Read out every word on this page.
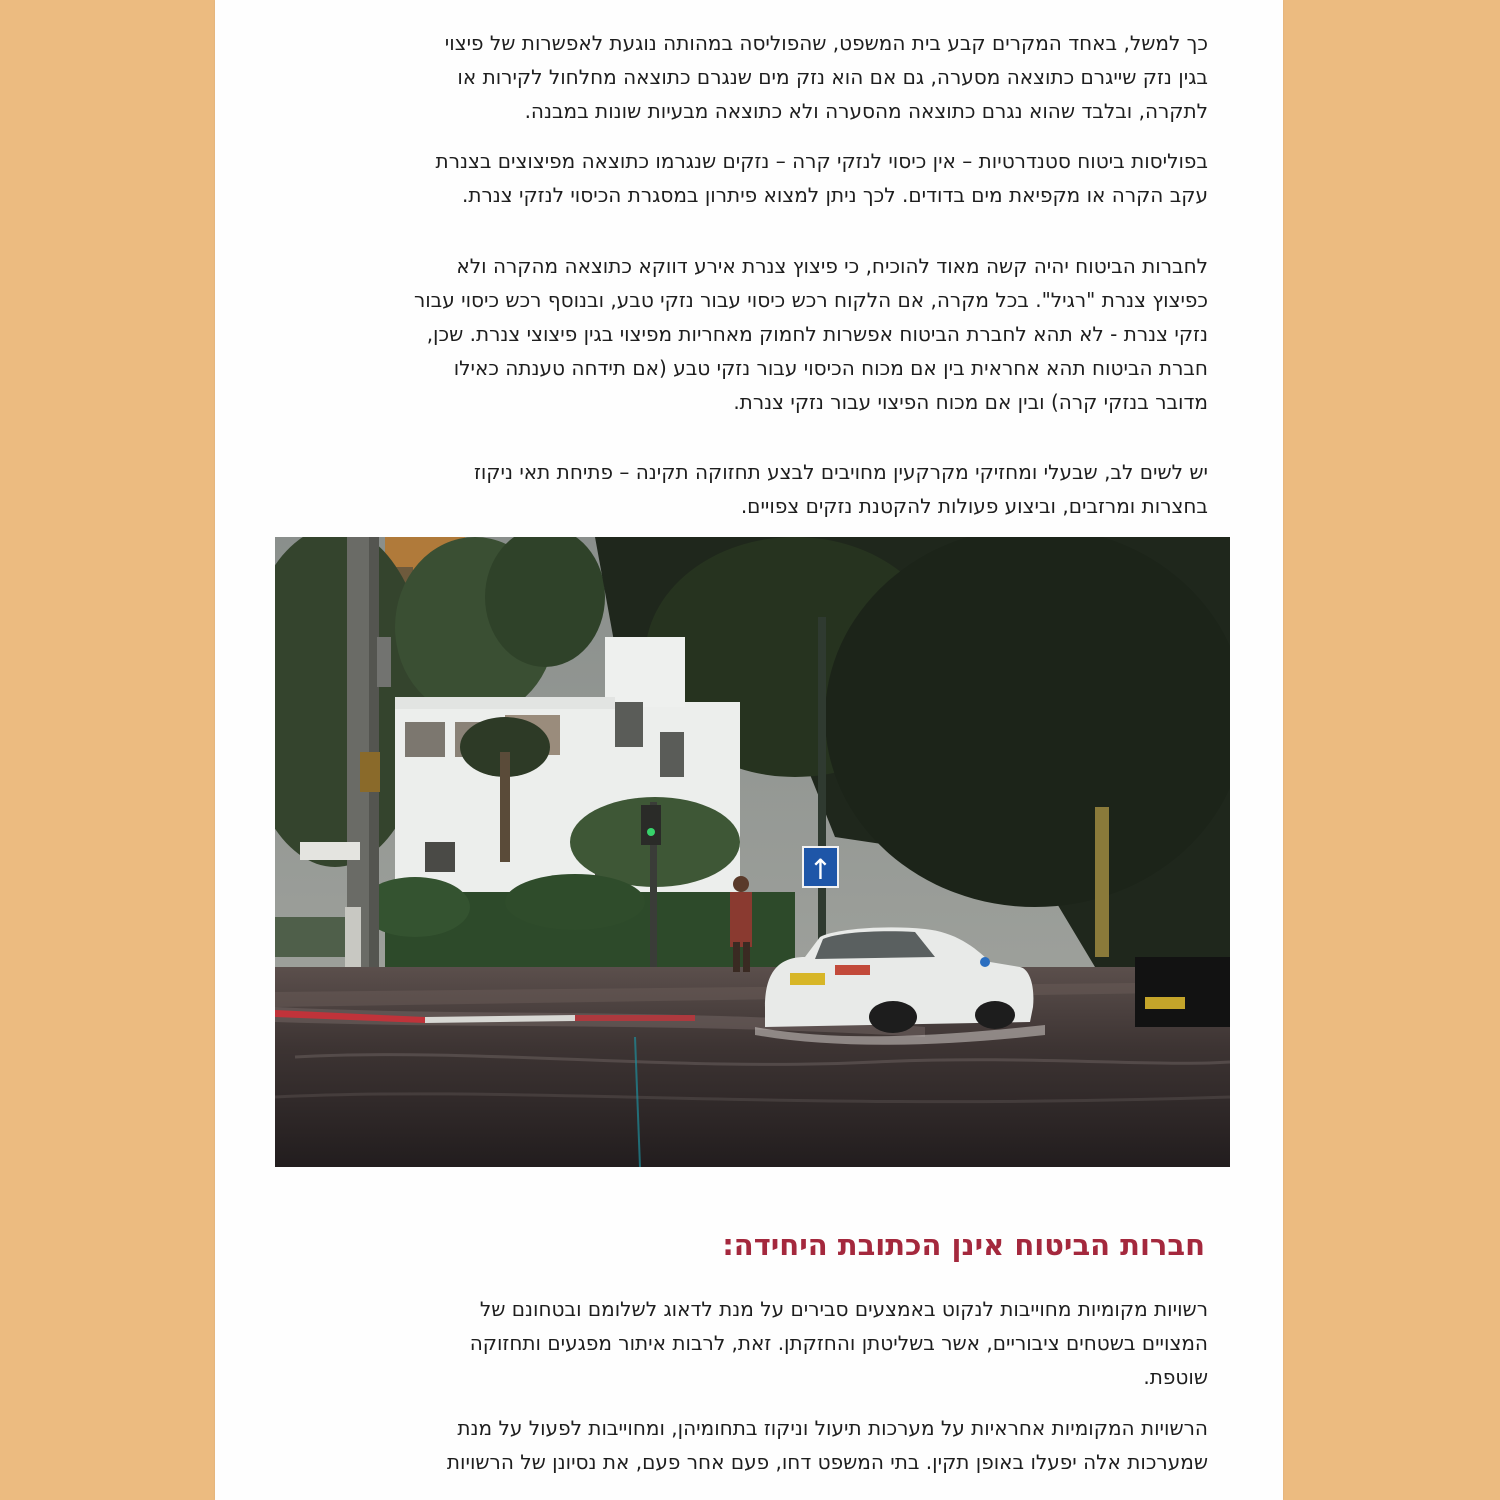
כך למשל, באחד המקרים קבע בית המשפט, שהפוליסה במהותה נוגעת לאפשרות של פיצוי
בגין נזק שייגרם כתוצאה מסערה, גם אם הוא נזק מים שנגרם כתוצאה מחלחול לקירות או
לתקרה, ובלבד שהוא נגרם כתוצאה מהסערה ולא כתוצאה מבעיות שונות במבנה.
בפוליסות ביטוח סטנדרטיות – אין כיסוי לנזקי קרה – נזקים שנגרמו כתוצאה מפיצוצים בצנרת
עקב הקרה או מקפיאת מים בדודים. לכך ניתן למצוא פיתרון במסגרת הכיסוי לנזקי צנרת.
לחברות הביטוח יהיה קשה מאוד להוכיח, כי פיצוץ צנרת אירע דווקא כתוצאה מהקרה ולא
כפיצוץ צנרת "רגיל". בכל מקרה, אם הלקוח רכש כיסוי עבור נזקי טבע, ובנוסף רכש כיסוי עבור
נזקי צנרת - לא תהא לחברת הביטוח אפשרות לחמוק מאחריות מפיצוי בגין פיצוצי צנרת. שכן,
חברת הביטוח תהא אחראית בין אם מכוח הכיסוי עבור נזקי טבע (אם תידחה טענתה כאילו
מדובר בנזקי קרה) ובין אם מכוח הפיצוי עבור נזקי צנרת.
יש לשים לב, שבעלי ומחזיקי מקרקעין מחויבים לבצע תחזוקה תקינה – פתיחת תאי ניקוז
בחצרות ומרזבים, וביצוע פעולות להקטנת נזקים צפויים.
↑
חברות הביטוח אינן הכתובת היחידה:
רשויות מקומיות מחוייבות לנקוט באמצעים סבירים על מנת לדאוג לשלומם ובטחונם של
המצויים בשטחים ציבוריים, אשר בשליטתן והחזקתן. זאת, לרבות איתור מפגעים ותחזוקה
שוטפת.
הרשויות המקומיות אחראיות על מערכות תיעול וניקוז בתחומיהן, ומחוייבות לפעול על מנת
שמערכות אלה יפעלו באופן תקין. בתי המשפט דחו, פעם אחר פעם, את נסיונן של הרשויות
